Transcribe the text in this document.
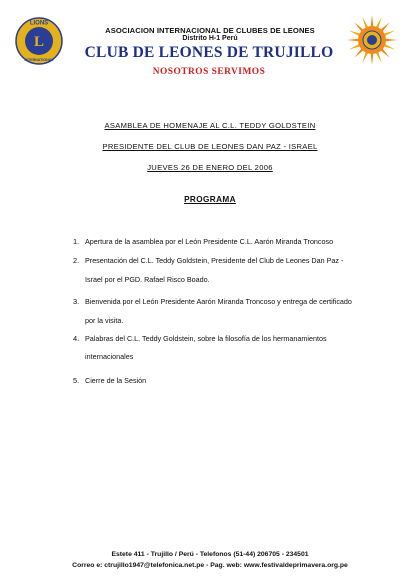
LIONS
L
INTERNATIONAL
ASOCIACION INTERNACIONAL DE CLUBES DE LEONES
Distrito H-1 Perú
CLUB DE LEONES DE TRUJILLO
NOSOTROS SERVIMOS
ASAMBLEA DE HOMENAJE AL C.L. TEDDY GOLDSTEIN
PRESIDENTE DEL CLUB DE LEONES DAN PAZ - ISRAEL
JUEVES 26 DE ENERO DEL 2006
PROGRAMA
1. Apertura de la asamblea por el León Presidente C.L. Aarón Miranda Troncoso
2. Presentación del C.L. Teddy Goldstein, Presidente del Club de Leones Dan Paz -
Israel por el PGD. Rafael Risco Boado.
3. Bienvenida por el León Presidente Aarón Miranda Troncoso y entrega de certificado
por la visita.
4. Palabras del C.L. Teddy Goldstein, sobre la filosofía de los hermanamientos
internacionales
5. Cierre de la Sesión
Estete 411 - Trujillo / Perú - Telefonos (51-44) 206705 - 234501
Correo e: ctrujillo1947@telefonica.net.pe - Pag. web: www.festivaldeprimavera.org.pe
